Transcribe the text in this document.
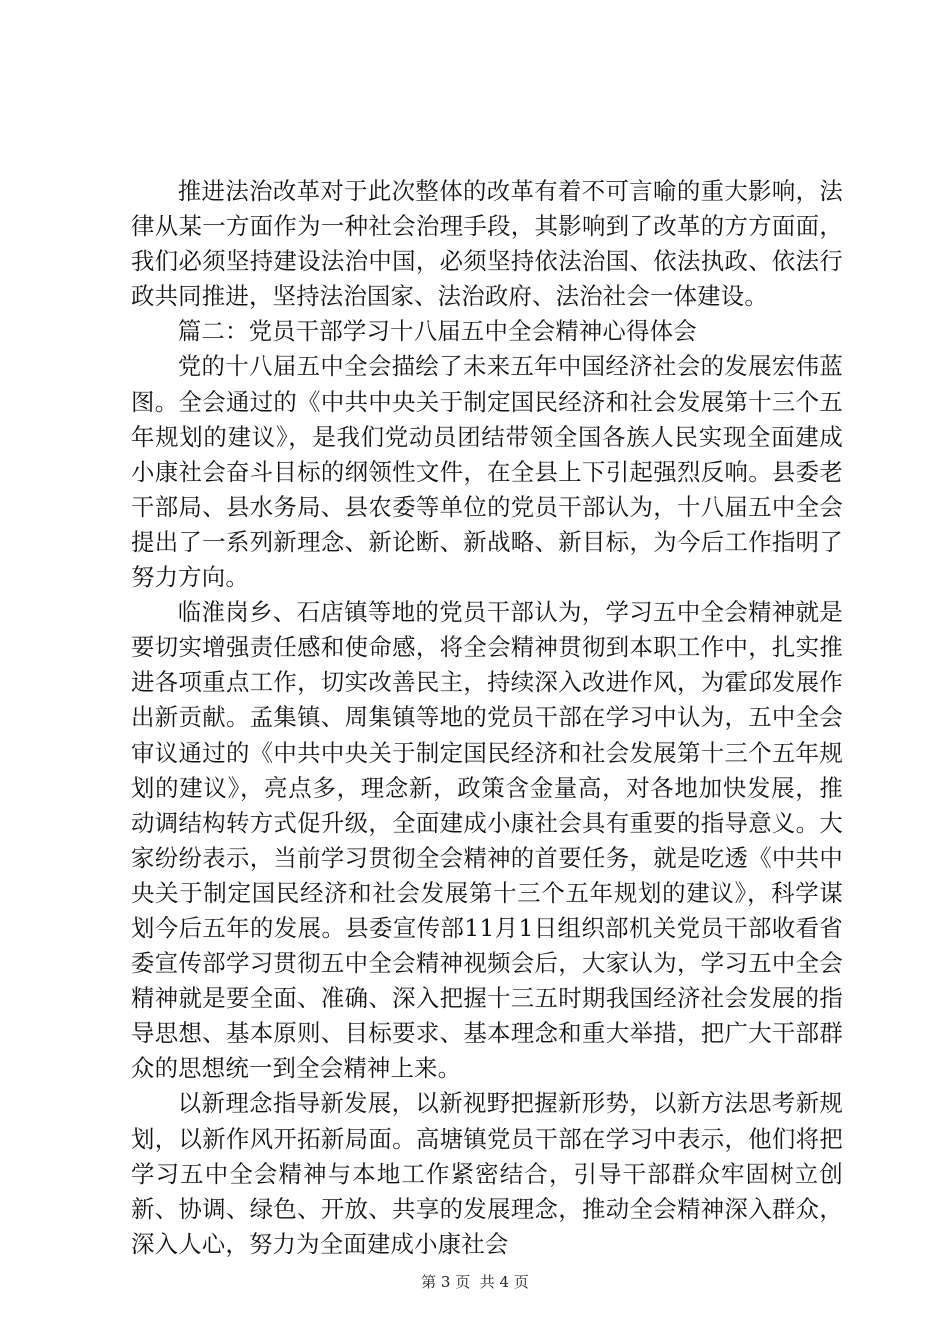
推进法治改革对于此次整体的改革有着不可言喻的重大影响，法律从某一方面作为一种社会治理手段，其影响到了改革的方方面面，我们必须坚持建设法治中国，必须坚持依法治国、依法执政、依法行政共同推进，坚持法治国家、法治政府、法治社会一体建设。

篇二：党员干部学习十八届五中全会精神心得体会

党的十八届五中全会描绘了未来五年中国经济社会的发展宏伟蓝图。全会通过的《中共中央关于制定国民经济和社会发展第十三个五年规划的建议》，是我们党动员团结带领全国各族人民实现全面建成小康社会奋斗目标的纲领性文件，在全县上下引起强烈反响。县委老干部局、县水务局、县农委等单位的党员干部认为，十八届五中全会提出了一系列新理念、新论断、新战略、新目标，为今后工作指明了努力方向。

临淮岗乡、石店镇等地的党员干部认为，学习五中全会精神就是要切实增强责任感和使命感，将全会精神贯彻到本职工作中，扎实推进各项重点工作，切实改善民主，持续深入改进作风，为霍邱发展作出新贡献。孟集镇、周集镇等地的党员干部在学习中认为，五中全会审议通过的《中共中央关于制定国民经济和社会发展第十三个五年规划的建议》，亮点多，理念新，政策含金量高，对各地加快发展，推动调结构转方式促升级，全面建成小康社会具有重要的指导意义。大家纷纷表示，当前学习贯彻全会精神的首要任务，就是吃透《中共中央关于制定国民经济和社会发展第十三个五年规划的建议》，科学谋划今后五年的发展。县委宣传部11月1日组织部机关党员干部收看省委宣传部学习贯彻五中全会精神视频会后，大家认为，学习五中全会精神就是要全面、准确、深入把握十三五时期我国经济社会发展的指导思想、基本原则、目标要求、基本理念和重大举措，把广大干部群众的思想统一到全会精神上来。

以新理念指导新发展，以新视野把握新形势，以新方法思考新规划，以新作风开拓新局面。高塘镇党员干部在学习中表示，他们将把学习五中全会精神与本地工作紧密结合，引导干部群众牢固树立创新、协调、绿色、开放、共享的发展理念，推动全会精神深入群众，深入人心，努力为全面建成小康社会

第 3 页  共 4 页
